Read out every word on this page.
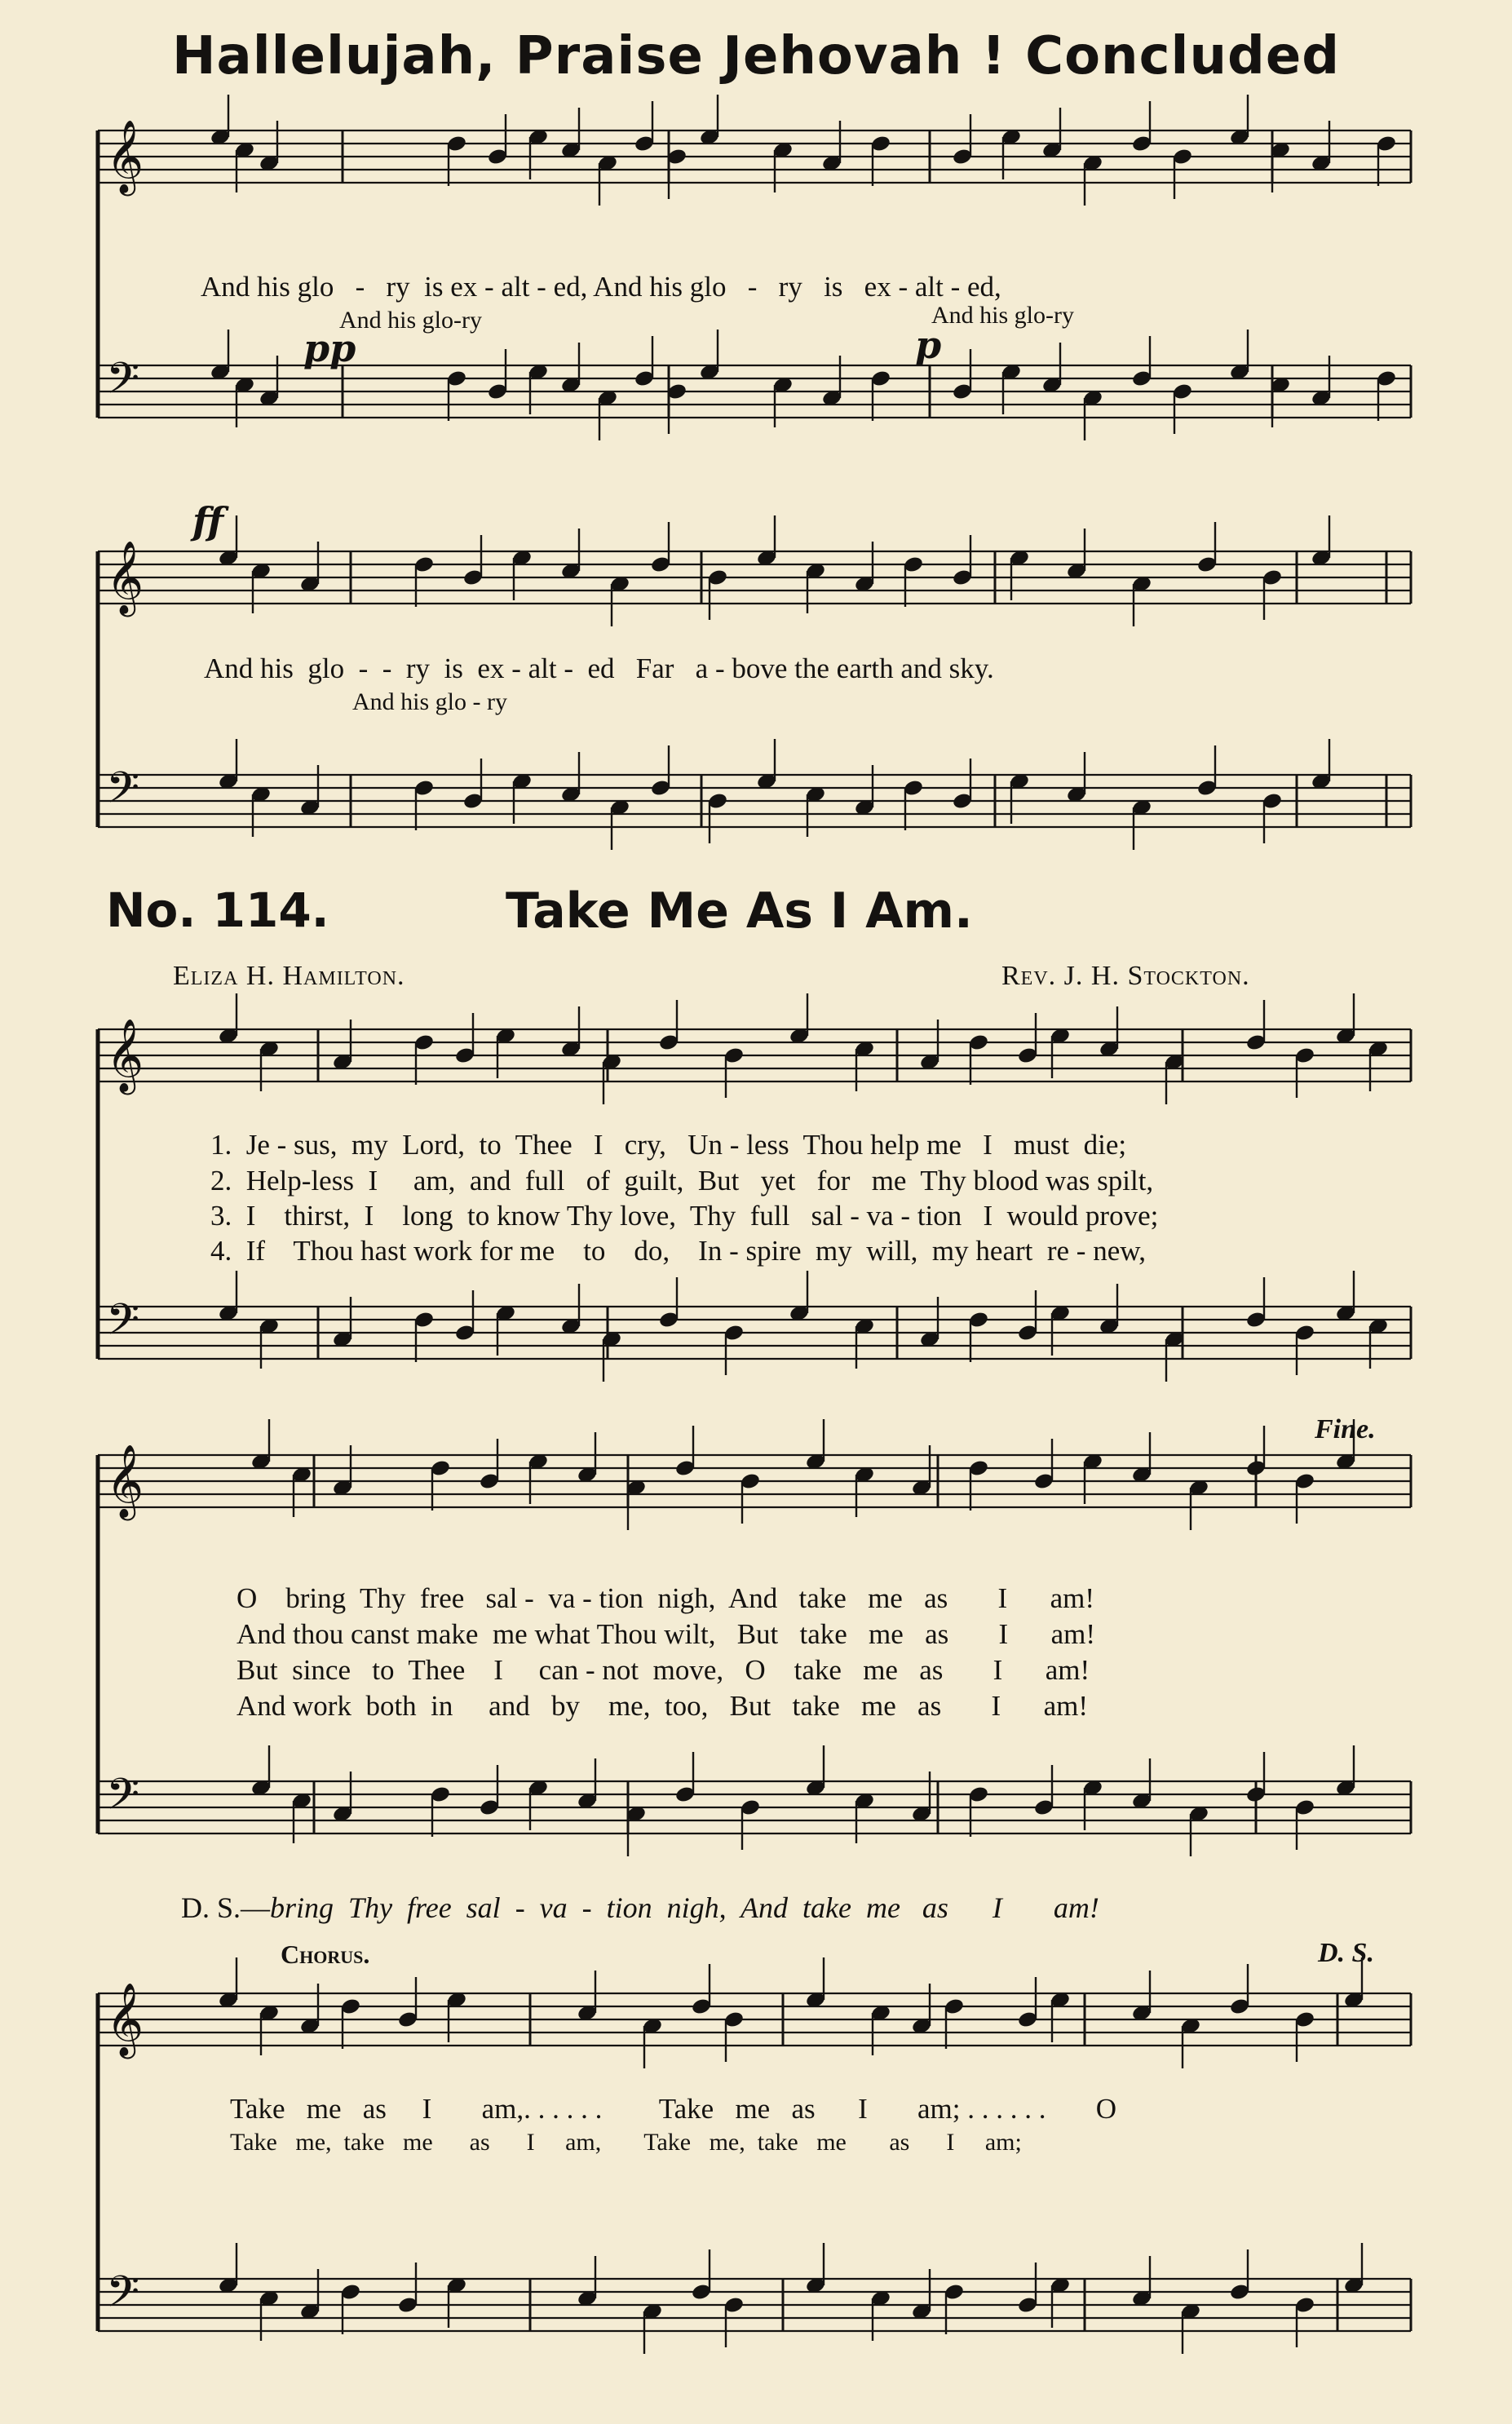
𝄞
𝄢
𝄞
𝄢
𝄞
𝄢
𝄞
𝄢
𝄞
𝄢
Hallelujah, Praise Jehovah ! Concluded
And his glo   -   ry  is ex - alt - ed, And his glo   -   ry   is   ex - alt - ed,
And his glo-ry	And his glo-ry
pp	p
ff
And his  glo  -  -  ry  is  ex - alt -  ed   Far   a - bove the earth and sky.
And his glo - ry
No. 114.	Take Me As I Am.
Eliza H. Hamilton.	Rev. J. H. Stockton.
1.  Je - sus,  my  Lord,  to  Thee   I   cry,   Un - less  Thou help me   I   must  die;
2.  Help-less  I     am,  and  full   of  guilt,  But   yet   for   me  Thy blood was spilt,
3.  I    thirst,  I    long  to know Thy love,  Thy  full   sal - va - tion   I  would prove;
4.  If    Thou hast work for me    to    do,    In - spire  my  will,  my heart  re - new,
Fine.
O    bring  Thy  free   sal -  va - tion  nigh,  And   take   me   as       I      am!
And thou canst make  me what Thou wilt,   But   take   me   as       I      am!
But  since   to  Thee    I     can - not  move,   O    take   me   as       I      am!
And work  both  in     and   by    me,  too,   But   take   me   as       I      am!
D. S.—bring  Thy  free  sal  -  va  -  tion  nigh,  And  take  me   as      I       am!
Chorus.	D. S.
Take   me   as     I       am,. . . . . .        Take   me   as      I       am; . . . . . .       O
Take   me,  take   me      as      I     am,       Take   me,  take   me       as      I     am;
